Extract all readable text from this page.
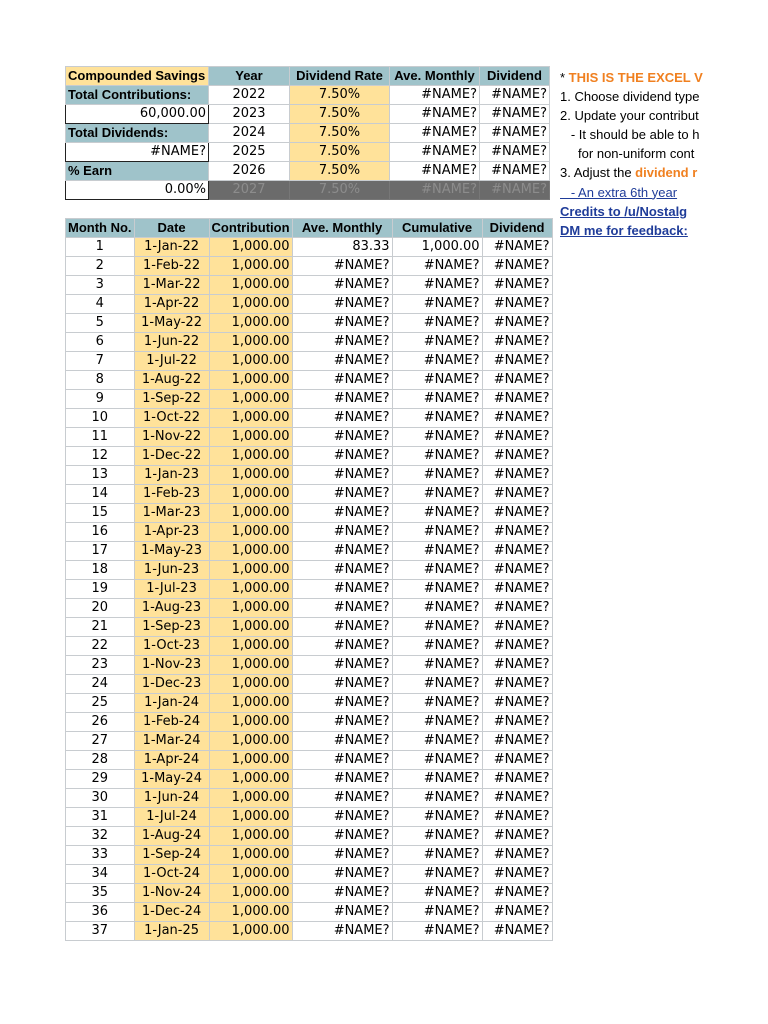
Compounded Savings	Year	Dividend Rate	Ave. Monthly	Dividend
Total Contributions:	2022	7.50%	#NAME?	#NAME?
60,000.00	2023	7.50%	#NAME?	#NAME?
Total Dividends:	2024	7.50%	#NAME?	#NAME?
#NAME?	2025	7.50%	#NAME?	#NAME?
% Earn	2026	7.50%	#NAME?	#NAME?
0.00%	2027	7.50%	#NAME?	#NAME?
* THIS IS THE EXCEL V
1. Choose dividend type
2. Update your contribut
- It should be able to h
for non-uniform cont
3. Adjust the dividend r
- An extra 6th year
Credits to /u/Nostalg
DM me for feedback:
Month No.	Date	Contribution	Ave. Monthly	Cumulative	Dividend
1	1-Jan-22	1,000.00	83.33	1,000.00	#NAME?
2	1-Feb-22	1,000.00	#NAME?	#NAME?	#NAME?
3	1-Mar-22	1,000.00	#NAME?	#NAME?	#NAME?
4	1-Apr-22	1,000.00	#NAME?	#NAME?	#NAME?
5	1-May-22	1,000.00	#NAME?	#NAME?	#NAME?
6	1-Jun-22	1,000.00	#NAME?	#NAME?	#NAME?
7	1-Jul-22	1,000.00	#NAME?	#NAME?	#NAME?
8	1-Aug-22	1,000.00	#NAME?	#NAME?	#NAME?
9	1-Sep-22	1,000.00	#NAME?	#NAME?	#NAME?
10	1-Oct-22	1,000.00	#NAME?	#NAME?	#NAME?
11	1-Nov-22	1,000.00	#NAME?	#NAME?	#NAME?
12	1-Dec-22	1,000.00	#NAME?	#NAME?	#NAME?
13	1-Jan-23	1,000.00	#NAME?	#NAME?	#NAME?
14	1-Feb-23	1,000.00	#NAME?	#NAME?	#NAME?
15	1-Mar-23	1,000.00	#NAME?	#NAME?	#NAME?
16	1-Apr-23	1,000.00	#NAME?	#NAME?	#NAME?
17	1-May-23	1,000.00	#NAME?	#NAME?	#NAME?
18	1-Jun-23	1,000.00	#NAME?	#NAME?	#NAME?
19	1-Jul-23	1,000.00	#NAME?	#NAME?	#NAME?
20	1-Aug-23	1,000.00	#NAME?	#NAME?	#NAME?
21	1-Sep-23	1,000.00	#NAME?	#NAME?	#NAME?
22	1-Oct-23	1,000.00	#NAME?	#NAME?	#NAME?
23	1-Nov-23	1,000.00	#NAME?	#NAME?	#NAME?
24	1-Dec-23	1,000.00	#NAME?	#NAME?	#NAME?
25	1-Jan-24	1,000.00	#NAME?	#NAME?	#NAME?
26	1-Feb-24	1,000.00	#NAME?	#NAME?	#NAME?
27	1-Mar-24	1,000.00	#NAME?	#NAME?	#NAME?
28	1-Apr-24	1,000.00	#NAME?	#NAME?	#NAME?
29	1-May-24	1,000.00	#NAME?	#NAME?	#NAME?
30	1-Jun-24	1,000.00	#NAME?	#NAME?	#NAME?
31	1-Jul-24	1,000.00	#NAME?	#NAME?	#NAME?
32	1-Aug-24	1,000.00	#NAME?	#NAME?	#NAME?
33	1-Sep-24	1,000.00	#NAME?	#NAME?	#NAME?
34	1-Oct-24	1,000.00	#NAME?	#NAME?	#NAME?
35	1-Nov-24	1,000.00	#NAME?	#NAME?	#NAME?
36	1-Dec-24	1,000.00	#NAME?	#NAME?	#NAME?
37	1-Jan-25	1,000.00	#NAME?	#NAME?	#NAME?
